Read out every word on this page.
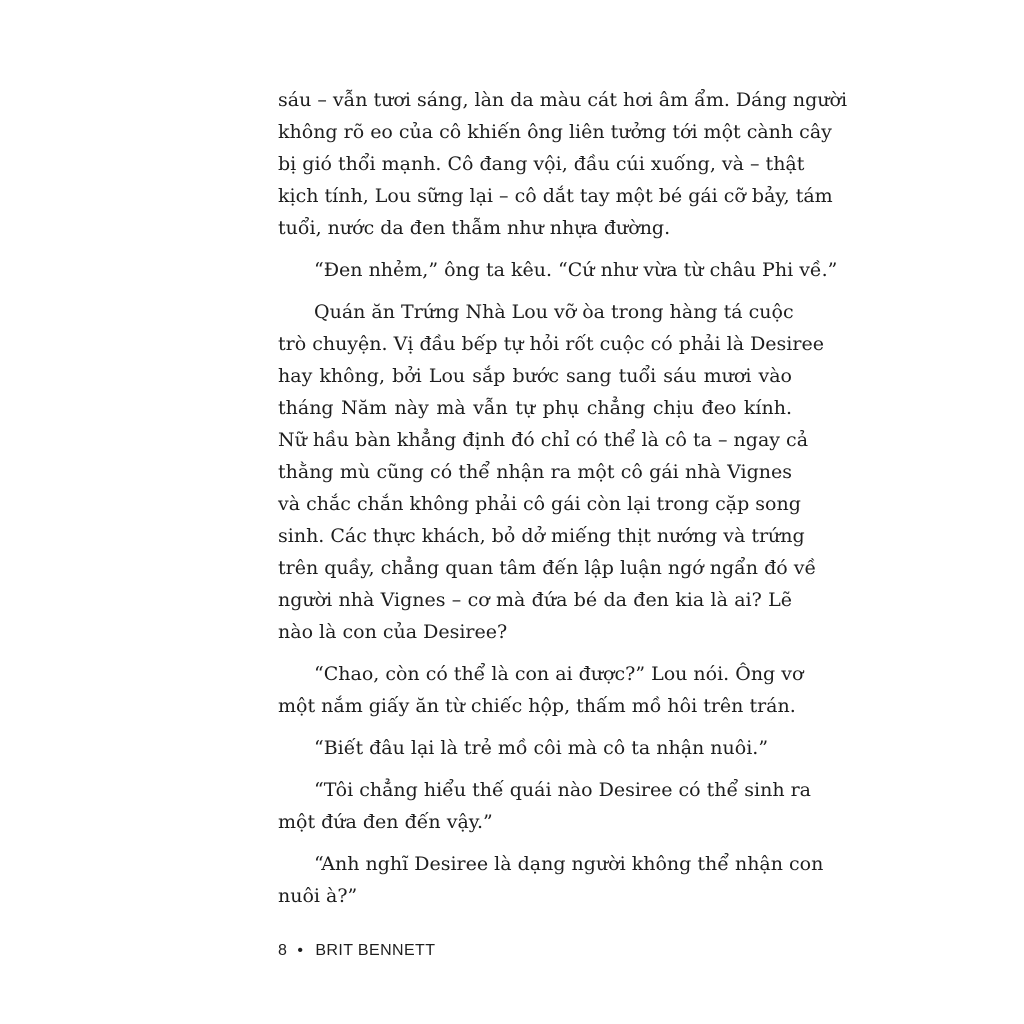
sáu – vẫn tươi sáng, làn da màu cát hơi âm ẩm. Dáng người
không rõ eo của cô khiến ông liên tưởng tới một cành cây
bị gió thổi mạnh. Cô đang vội, đầu cúi xuống, và – thật
kịch tính, Lou sững lại – cô dắt tay một bé gái cỡ bảy, tám
tuổi, nước da đen thẫm như nhựa đường.
“Đen nhẻm,” ông ta kêu. “Cứ như vừa từ châu Phi về.”
Quán ăn Trứng Nhà Lou vỡ òa trong hàng tá cuộc
trò chuyện. Vị đầu bếp tự hỏi rốt cuộc có phải là Desiree
hay không, bởi Lou sắp bước sang tuổi sáu mươi vào
tháng Năm này mà vẫn tự phụ chẳng chịu đeo kính.
Nữ hầu bàn khẳng định đó chỉ có thể là cô ta – ngay cả
thằng mù cũng có thể nhận ra một cô gái nhà Vignes
và chắc chắn không phải cô gái còn lại trong cặp song
sinh. Các thực khách, bỏ dở miếng thịt nướng và trứng
trên quầy, chẳng quan tâm đến lập luận ngớ ngẩn đó về
người nhà Vignes – cơ mà đứa bé da đen kia là ai? Lẽ
nào là con của Desiree?
“Chao, còn có thể là con ai được?” Lou nói. Ông vơ
một nắm giấy ăn từ chiếc hộp, thấm mồ hôi trên trán.
“Biết đâu lại là trẻ mồ côi mà cô ta nhận nuôi.”
“Tôi chẳng hiểu thế quái nào Desiree có thể sinh ra
một đứa đen đến vậy.”
“Anh nghĩ Desiree là dạng người không thể nhận con
nuôi à?”
8 • BRIT BENNETT
